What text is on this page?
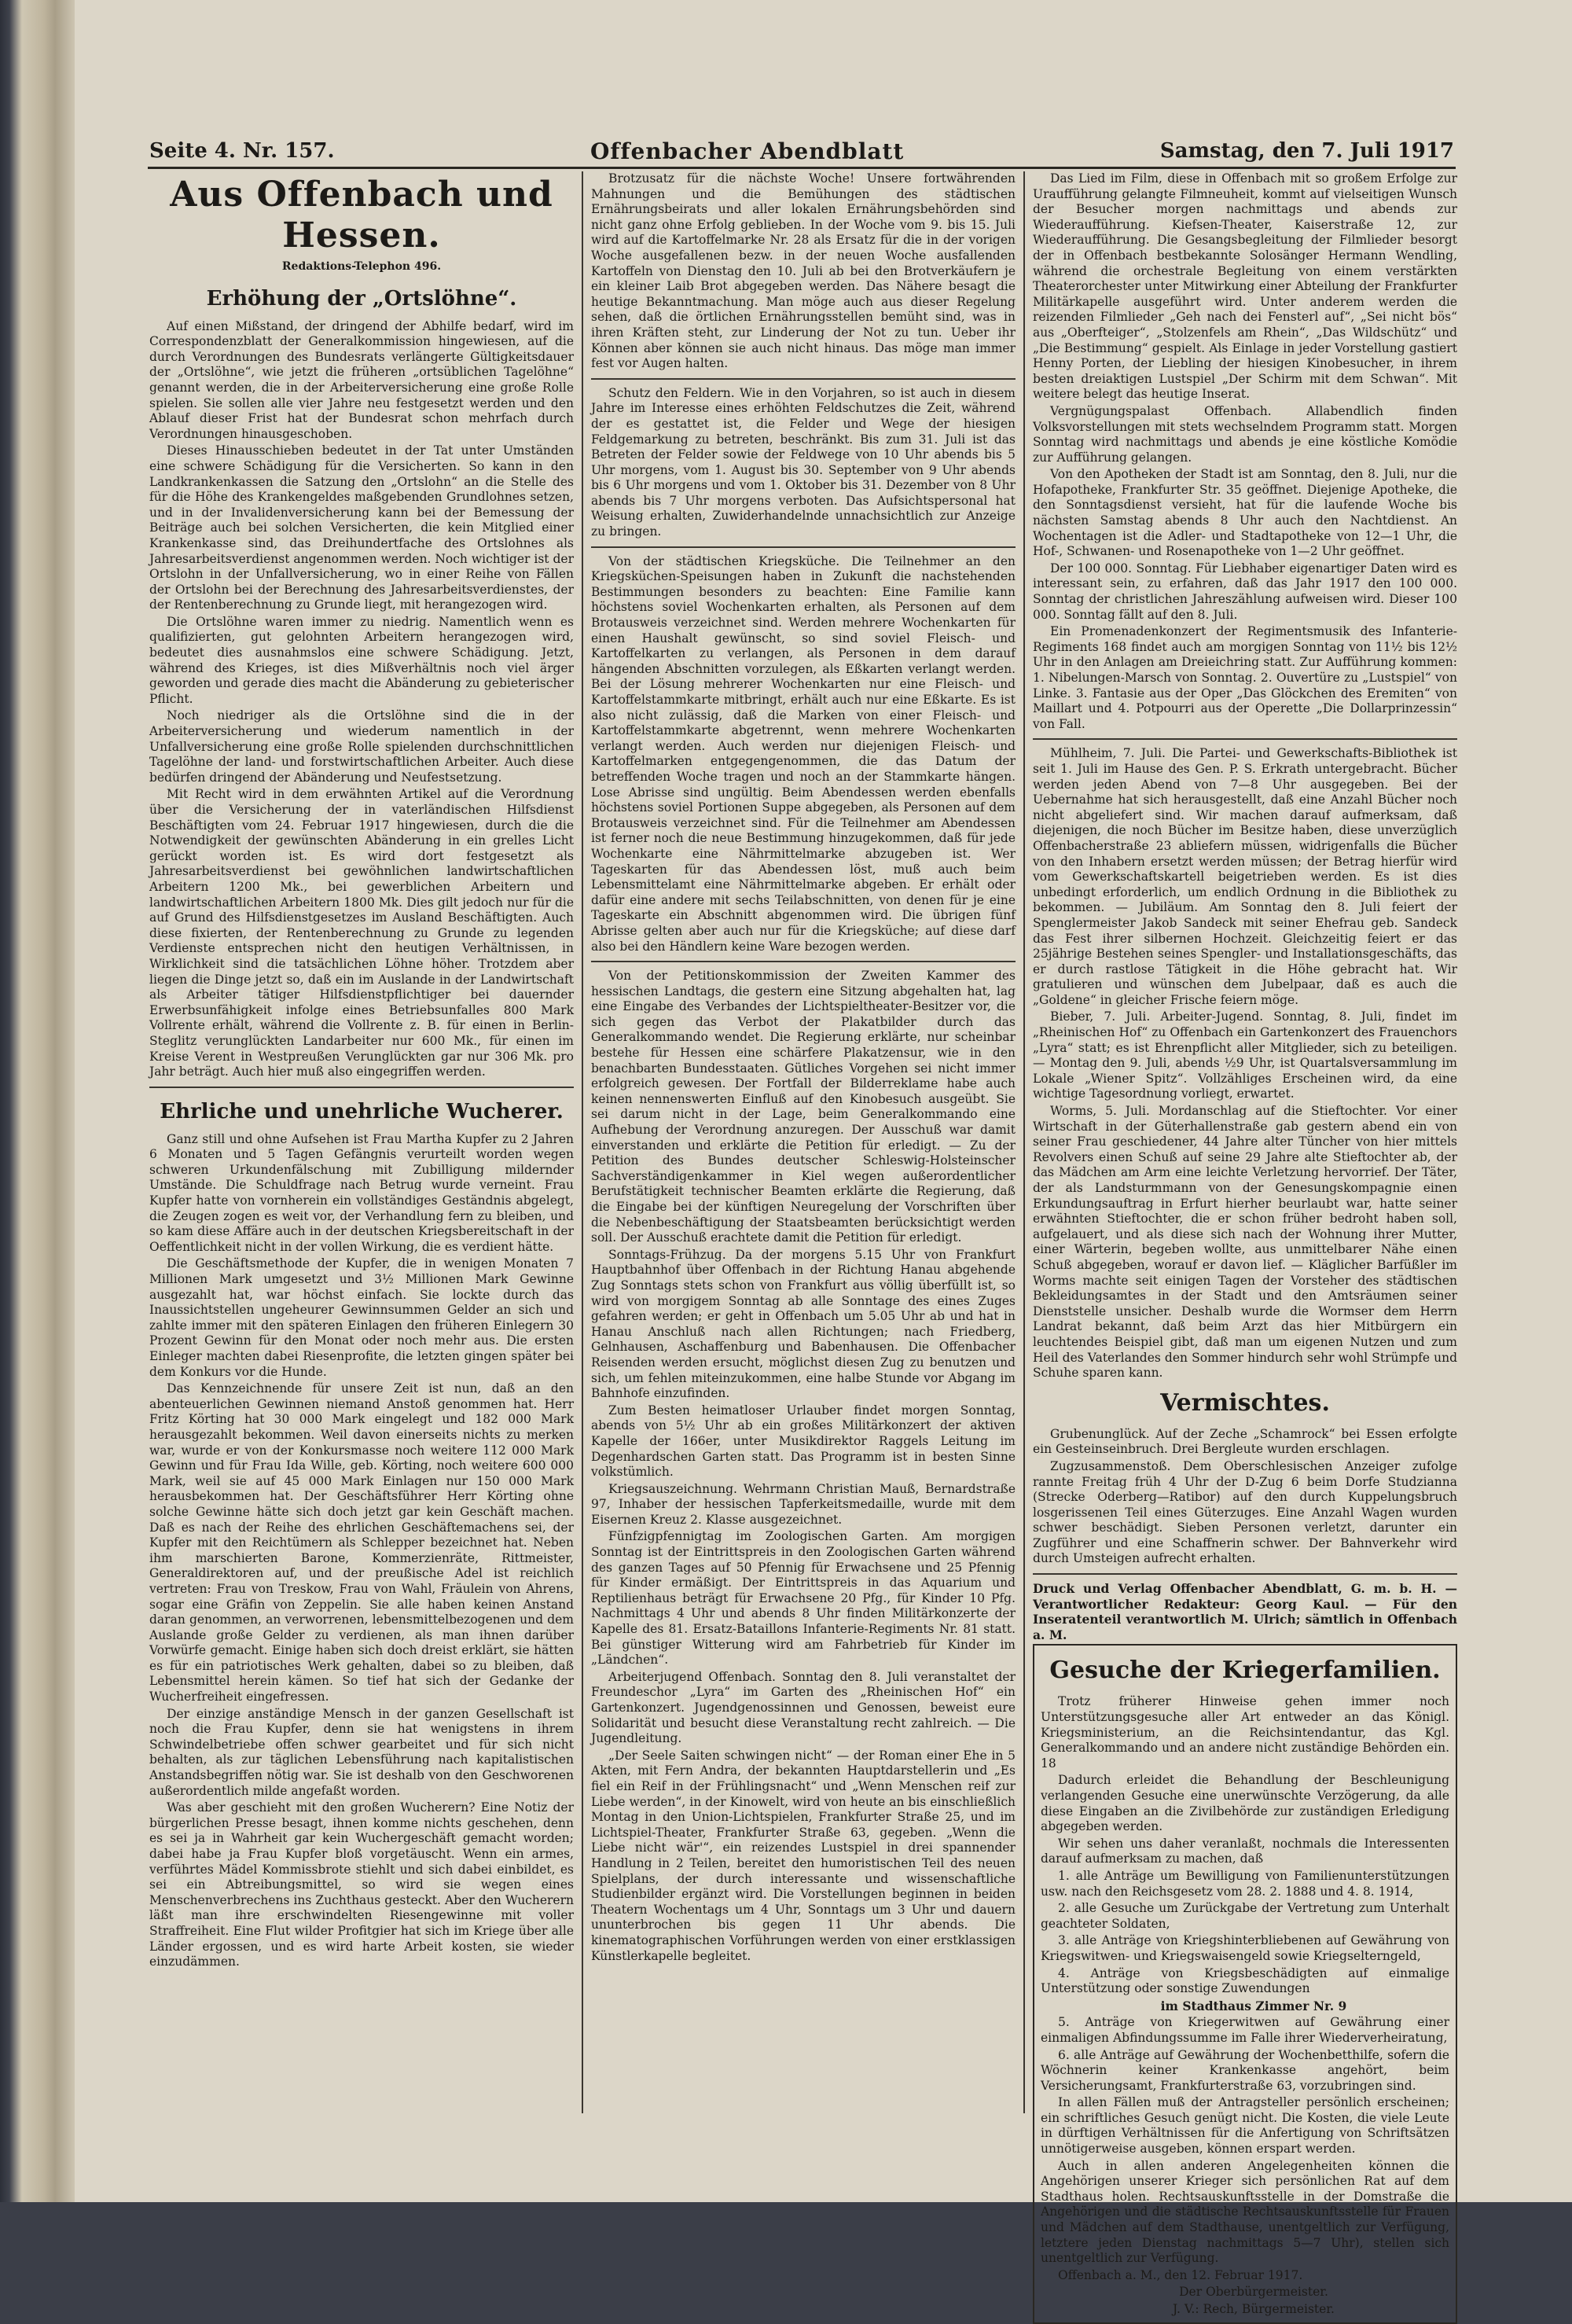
Seite 4. Nr. 157.	Offenbacher Abendblatt	Samstag, den 7. Juli 1917
Aus Offenbach und Hessen.
Redaktions-Telephon 496.
Erhöhung der „Ortslöhne“.

Auf einen Mißstand, der dringend der Abhilfe bedarf, wird im Correspondenzblatt der Generalkommission hingewiesen, auf die durch Verordnungen des Bundesrats verlängerte Gültigkeitsdauer der „Ortslöhne“, wie jetzt die früheren „ortsüblichen Tagelöhne“ genannt werden, die in der Arbeiterversicherung eine große Rolle spielen. Sie sollen alle vier Jahre neu festgesetzt werden und den Ablauf dieser Frist hat der Bundesrat schon mehrfach durch Verordnungen hinausgeschoben.

Dieses Hinausschieben bedeutet in der Tat unter Umständen eine schwere Schädigung für die Versicherten. So kann in den Landkrankenkassen die Satzung den „Ortslohn“ an die Stelle des für die Höhe des Krankengeldes maßgebenden Grundlohnes setzen, und in der Invalidenversicherung kann bei der Bemessung der Beiträge auch bei solchen Versicherten, die kein Mitglied einer Krankenkasse sind, das Dreihundertfache des Ortslohnes als Jahresarbeitsverdienst angenommen werden. Noch wichtiger ist der Ortslohn in der Unfallversicherung, wo in einer Reihe von Fällen der Ortslohn bei der Berechnung des Jahresarbeitsverdienstes, der der Rentenberechnung zu Grunde liegt, mit herangezogen wird.

Die Ortslöhne waren immer zu niedrig. Namentlich wenn es qualifizierten, gut gelohnten Arbeitern herangezogen wird, bedeutet dies ausnahmslos eine schwere Schädigung. Jetzt, während des Krieges, ist dies Mißverhältnis noch viel ärger geworden und gerade dies macht die Abänderung zu gebieterischer Pflicht.

Noch niedriger als die Ortslöhne sind die in der Arbeiterversicherung und wiederum namentlich in der Unfallversicherung eine große Rolle spielenden durchschnittlichen Tagelöhne der land- und forstwirtschaftlichen Arbeiter. Auch diese bedürfen dringend der Abänderung und Neufestsetzung.

Mit Recht wird in dem erwähnten Artikel auf die Verordnung über die Versicherung der in vaterländischen Hilfsdienst Beschäftigten vom 24. Februar 1917 hingewiesen, durch die die Notwendigkeit der gewünschten Abänderung in ein grelles Licht gerückt worden ist. Es wird dort festgesetzt als Jahresarbeitsverdienst bei gewöhnlichen landwirtschaftlichen Arbeitern 1200 Mk., bei gewerblichen Arbeitern und landwirtschaftlichen Arbeitern 1800 Mk. Dies gilt jedoch nur für die auf Grund des Hilfsdienstgesetzes im Ausland Beschäftigten. Auch diese fixierten, der Rentenberechnung zu Grunde zu legenden Verdienste entsprechen nicht den heutigen Verhältnissen, in Wirklichkeit sind die tatsächlichen Löhne höher. Trotzdem aber liegen die Dinge jetzt so, daß ein im Auslande in der Landwirtschaft als Arbeiter tätiger Hilfsdienstpflichtiger bei dauernder Erwerbsunfähigkeit infolge eines Betriebsunfalles 800 Mark Vollrente erhält, während die Vollrente z. B. für einen in Berlin-Steglitz verunglückten Landarbeiter nur 600 Mk., für einen im Kreise Verent in Westpreußen Verunglückten gar nur 306 Mk. pro Jahr beträgt. Auch hier muß also eingegriffen werden.

Ehrliche und unehrliche Wucherer.

Ganz still und ohne Aufsehen ist Frau Martha Kupfer zu 2 Jahren 6 Monaten und 5 Tagen Gefängnis verurteilt worden wegen schweren Urkundenfälschung mit Zubilligung mildernder Umstände. Die Schuldfrage nach Betrug wurde verneint. Frau Kupfer hatte von vornherein ein vollständiges Geständnis abgelegt, die Zeugen zogen es weit vor, der Verhandlung fern zu bleiben, und so kam diese Affäre auch in der deutschen Kriegsbereitschaft in der Oeffentlichkeit nicht in der vollen Wirkung, die es verdient hätte.

Die Geschäftsmethode der Kupfer, die in wenigen Monaten 7 Millionen Mark umgesetzt und 3½ Millionen Mark Gewinne ausgezahlt hat, war höchst einfach. Sie lockte durch das Inaussichtstellen ungeheurer Gewinnsummen Gelder an sich und zahlte immer mit den späteren Einlagen den früheren Einlegern 30 Prozent Gewinn für den Monat oder noch mehr aus. Die ersten Einleger machten dabei Riesenprofite, die letzten gingen später bei dem Konkurs vor die Hunde.

Das Kennzeichnende für unsere Zeit ist nun, daß an den abenteuerlichen Gewinnen niemand Anstoß genommen hat. Herr Fritz Körting hat 30 000 Mark eingelegt und 182 000 Mark herausgezahlt bekommen. Weil davon einerseits nichts zu merken war, wurde er von der Konkursmasse noch weitere 112 000 Mark Gewinn und für Frau Ida Wille, geb. Körting, noch weitere 600 000 Mark, weil sie auf 45 000 Mark Einlagen nur 150 000 Mark herausbekommen hat. Der Geschäftsführer Herr Körting ohne solche Gewinne hätte sich doch jetzt gar kein Geschäft machen. Daß es nach der Reihe des ehrlichen Geschäftemachens sei, der Kupfer mit den Reichtümern als Schlepper bezeichnet hat. Neben ihm marschierten Barone, Kommerzienräte, Rittmeister, Generaldirektoren auf, und der preußische Adel ist reichlich vertreten: Frau von Treskow, Frau von Wahl, Fräulein von Ahrens, sogar eine Gräfin von Zeppelin. Sie alle haben keinen Anstand daran genommen, an verworrenen, lebensmittelbezogenen und dem Auslande große Gelder zu verdienen, als man ihnen darüber Vorwürfe gemacht. Einige haben sich doch dreist erklärt, sie hätten es für ein patriotisches Werk gehalten, dabei so zu bleiben, daß Lebensmittel herein kämen. So tief hat sich der Gedanke der Wucherfreiheit eingefressen.

Der einzige anständige Mensch in der ganzen Gesellschaft ist noch die Frau Kupfer, denn sie hat wenigstens in ihrem Schwindelbetriebe offen schwer gearbeitet und für sich nicht behalten, als zur täglichen Lebensführung nach kapitalistischen Anstandsbegriffen nötig war. Sie ist deshalb von den Geschworenen außerordentlich milde angefaßt worden.

Was aber geschieht mit den großen Wucherern? Eine Notiz der bürgerlichen Presse besagt, ihnen komme nichts geschehen, denn es sei ja in Wahrheit gar kein Wuchergeschäft gemacht worden; dabei habe ja Frau Kupfer bloß vorgetäuscht. Wenn ein armes, verführtes Mädel Kommissbrote stiehlt und sich dabei einbildet, es sei ein Abtreibungsmittel, so wird sie wegen eines Menschenverbrechens ins Zuchthaus gesteckt. Aber den Wucherern läßt man ihre erschwindelten Riesengewinne mit voller Straffreiheit. Eine Flut wilder Profitgier hat sich im Kriege über alle Länder ergossen, und es wird harte Arbeit kosten, sie wieder einzudämmen.

Brotzusatz für die nächste Woche! Unsere fortwährenden Mahnungen und die Bemühungen des städtischen Ernährungsbeirats und aller lokalen Ernährungsbehörden sind nicht ganz ohne Erfolg geblieben. In der Woche vom 9. bis 15. Juli wird auf die Kartoffelmarke Nr. 28 als Ersatz für die in der vorigen Woche ausgefallenen bezw. in der neuen Woche ausfallenden Kartoffeln von Dienstag den 10. Juli ab bei den Brotverkäufern je ein kleiner Laib Brot abgegeben werden. Das Nähere besagt die heutige Bekanntmachung. Man möge auch aus dieser Regelung sehen, daß die örtlichen Ernährungsstellen bemüht sind, was in ihren Kräften steht, zur Linderung der Not zu tun. Ueber ihr Können aber können sie auch nicht hinaus. Das möge man immer fest vor Augen halten.

Schutz den Feldern. Wie in den Vorjahren, so ist auch in diesem Jahre im Interesse eines erhöhten Feldschutzes die Zeit, während der es gestattet ist, die Felder und Wege der hiesigen Feldgemarkung zu betreten, beschränkt. Bis zum 31. Juli ist das Betreten der Felder sowie der Feldwege von 10 Uhr abends bis 5 Uhr morgens, vom 1. August bis 30. September von 9 Uhr abends bis 6 Uhr morgens und vom 1. Oktober bis 31. Dezember von 8 Uhr abends bis 7 Uhr morgens verboten. Das Aufsichtspersonal hat Weisung erhalten, Zuwiderhandelnde unnachsichtlich zur Anzeige zu bringen.

Von der städtischen Kriegsküche. Die Teilnehmer an den Kriegsküchen-Speisungen haben in Zukunft die nachstehenden Bestimmungen besonders zu beachten: Eine Familie kann höchstens soviel Wochenkarten erhalten, als Personen auf dem Brotausweis verzeichnet sind. Werden mehrere Wochenkarten für einen Haushalt gewünscht, so sind soviel Fleisch- und Kartoffelkarten zu verlangen, als Personen in dem darauf hängenden Abschnitten vorzulegen, als Eßkarten verlangt werden. Bei der Lösung mehrerer Wochenkarten nur eine Fleisch- und Kartoffelstammkarte mitbringt, erhält auch nur eine Eßkarte. Es ist also nicht zulässig, daß die Marken von einer Fleisch- und Kartoffelstammkarte abgetrennt, wenn mehrere Wochenkarten verlangt werden. Auch werden nur diejenigen Fleisch- und Kartoffelmarken entgegengenommen, die das Datum der betreffenden Woche tragen und noch an der Stammkarte hängen. Lose Abrisse sind ungültig. Beim Abendessen werden ebenfalls höchstens soviel Portionen Suppe abgegeben, als Personen auf dem Brotausweis verzeichnet sind. Für die Teilnehmer am Abendessen ist ferner noch die neue Bestimmung hinzugekommen, daß für jede Wochenkarte eine Nährmittelmarke abzugeben ist. Wer Tageskarten für das Abendessen löst, muß auch beim Lebensmittelamt eine Nährmittelmarke abgeben. Er erhält oder dafür eine andere mit sechs Teilabschnitten, von denen für je eine Tageskarte ein Abschnitt abgenommen wird. Die übrigen fünf Abrisse gelten aber auch nur für die Kriegsküche; auf diese darf also bei den Händlern keine Ware bezogen werden.

Von der Petitionskommission der Zweiten Kammer des hessischen Landtags, die gestern eine Sitzung abgehalten hat, lag eine Eingabe des Verbandes der Lichtspieltheater-Besitzer vor, die sich gegen das Verbot der Plakatbilder durch das Generalkommando wendet. Die Regierung erklärte, nur scheinbar bestehe für Hessen eine schärfere Plakatzensur, wie in den benachbarten Bundesstaaten. Gütliches Vorgehen sei nicht immer erfolgreich gewesen. Der Fortfall der Bilderreklame habe auch keinen nennenswerten Einfluß auf den Kinobesuch ausgeübt. Sie sei darum nicht in der Lage, beim Generalkommando eine Aufhebung der Verordnung anzuregen. Der Ausschuß war damit einverstanden und erklärte die Petition für erledigt. — Zu der Petition des Bundes deutscher Schleswig-Holsteinscher Sachverständigenkammer in Kiel wegen außerordentlicher Berufstätigkeit technischer Beamten erklärte die Regierung, daß die Eingabe bei der künftigen Neuregelung der Vorschriften über die Nebenbeschäftigung der Staatsbeamten berücksichtigt werden soll. Der Ausschuß erachtete damit die Petition für erledigt.

Sonntags-Frühzug. Da der morgens 5.15 Uhr von Frankfurt Hauptbahnhof über Offenbach in der Richtung Hanau abgehende Zug Sonntags stets schon von Frankfurt aus völlig überfüllt ist, so wird von morgigem Sonntag ab alle Sonntage des eines Zuges gefahren werden; er geht in Offenbach um 5.05 Uhr ab und hat in Hanau Anschluß nach allen Richtungen; nach Friedberg, Gelnhausen, Aschaffenburg und Babenhausen. Die Offenbacher Reisenden werden ersucht, möglichst diesen Zug zu benutzen und sich, um fehlen miteinzukommen, eine halbe Stunde vor Abgang im Bahnhofe einzufinden.

Zum Besten heimatloser Urlauber findet morgen Sonntag, abends von 5½ Uhr ab ein großes Militärkonzert der aktiven Kapelle der 166er, unter Musikdirektor Raggels Leitung im Degenhardschen Garten statt. Das Programm ist in besten Sinne volkstümlich.

Kriegsauszeichnung. Wehrmann Christian Mauß, Bernardstraße 97, Inhaber der hessischen Tapferkeitsmedaille, wurde mit dem Eisernen Kreuz 2. Klasse ausgezeichnet.

Fünfzigpfennigtag im Zoologischen Garten. Am morgigen Sonntag ist der Eintrittspreis in den Zoologischen Garten während des ganzen Tages auf 50 Pfennig für Erwachsene und 25 Pfennig für Kinder ermäßigt. Der Eintrittspreis in das Aquarium und Reptilienhaus beträgt für Erwachsene 20 Pfg., für Kinder 10 Pfg. Nachmittags 4 Uhr und abends 8 Uhr finden Militärkonzerte der Kapelle des 81. Ersatz-Bataillons Infanterie-Regiments Nr. 81 statt. Bei günstiger Witterung wird am Fahrbetrieb für Kinder im „Ländchen“.

Arbeiterjugend Offenbach. Sonntag den 8. Juli veranstaltet der Freundeschor „Lyra“ im Garten des „Rheinischen Hof“ ein Gartenkonzert. Jugendgenossinnen und Genossen, beweist eure Solidarität und besucht diese Veranstaltung recht zahlreich. — Die Jugendleitung.

„Der Seele Saiten schwingen nicht“ — der Roman einer Ehe in 5 Akten, mit Fern Andra, der bekannten Hauptdarstellerin und „Es fiel ein Reif in der Frühlingsnacht“ und „Wenn Menschen reif zur Liebe werden“, in der Kinowelt, wird von heute an bis einschließlich Montag in den Union-Lichtspielen, Frankfurter Straße 25, und im Lichtspiel-Theater, Frankfurter Straße 63, gegeben. „Wenn die Liebe nicht wär'“, ein reizendes Lustspiel in drei spannender Handlung in 2 Teilen, bereitet den humoristischen Teil des neuen Spielplans, der durch interessante und wissenschaftliche Studienbilder ergänzt wird. Die Vorstellungen beginnen in beiden Theatern Wochentags um 4 Uhr, Sonntags um 3 Uhr und dauern ununterbrochen bis gegen 11 Uhr abends. Die kinematographischen Vorführungen werden von einer erstklassigen Künstlerkapelle begleitet.

Das Lied im Film, diese in Offenbach mit so großem Erfolge zur Uraufführung gelangte Filmneuheit, kommt auf vielseitigen Wunsch der Besucher morgen nachmittags und abends zur Wiederaufführung. Kiefsen-Theater, Kaiserstraße 12, zur Wiederaufführung. Die Gesangsbegleitung der Filmlieder besorgt der in Offenbach bestbekannte Solosänger Hermann Wendling, während die orchestrale Begleitung von einem verstärkten Theaterorchester unter Mitwirkung einer Abteilung der Frankfurter Militärkapelle ausgeführt wird. Unter anderem werden die reizenden Filmlieder „Geh nach dei Fensterl auf“, „Sei nicht bös“ aus „Oberfteiger“, „Stolzenfels am Rhein“, „Das Wildschütz“ und „Die Bestimmung“ gespielt. Als Einlage in jeder Vorstellung gastiert Henny Porten, der Liebling der hiesigen Kinobesucher, in ihrem besten dreiaktigen Lustspiel „Der Schirm mit dem Schwan“. Mit weitere belegt das heutige Inserat.

Vergnügungspalast Offenbach. Allabendlich finden Volksvorstellungen mit stets wechselndem Programm statt. Morgen Sonntag wird nachmittags und abends je eine köstliche Komödie zur Aufführung gelangen.

Von den Apotheken der Stadt ist am Sonntag, den 8. Juli, nur die Hofapotheke, Frankfurter Str. 35 geöffnet. Diejenige Apotheke, die den Sonntagsdienst versieht, hat für die laufende Woche bis nächsten Samstag abends 8 Uhr auch den Nachtdienst. An Wochentagen ist die Adler- und Stadtapotheke von 12—1 Uhr, die Hof-, Schwanen- und Rosenapotheke von 1—2 Uhr geöffnet.

Der 100 000. Sonntag. Für Liebhaber eigenartiger Daten wird es interessant sein, zu erfahren, daß das Jahr 1917 den 100 000. Sonntag der christlichen Jahreszählung aufweisen wird. Dieser 100 000. Sonntag fällt auf den 8. Juli.

Ein Promenadenkonzert der Regimentsmusik des Infanterie-Regiments 168 findet auch am morgigen Sonntag von 11½ bis 12½ Uhr in den Anlagen am Dreieichring statt. Zur Aufführung kommen: 1. Nibelungen-Marsch von Sonntag. 2. Ouvertüre zu „Lustspiel“ von Linke. 3. Fantasie aus der Oper „Das Glöckchen des Eremiten“ von Maillart und 4. Potpourri aus der Operette „Die Dollarprinzessin“ von Fall.

Mühlheim, 7. Juli. Die Partei- und Gewerkschafts-Bibliothek ist seit 1. Juli im Hause des Gen. P. S. Erkrath untergebracht. Bücher werden jeden Abend von 7—8 Uhr ausgegeben. Bei der Uebernahme hat sich herausgestellt, daß eine Anzahl Bücher noch nicht abgeliefert sind. Wir machen darauf aufmerksam, daß diejenigen, die noch Bücher im Besitze haben, diese unverzüglich Offenbacherstraße 23 abliefern müssen, widrigenfalls die Bücher von den Inhabern ersetzt werden müssen; der Betrag hierfür wird vom Gewerkschaftskartell beigetrieben werden. Es ist dies unbedingt erforderlich, um endlich Ordnung in die Bibliothek zu bekommen. — Jubiläum. Am Sonntag den 8. Juli feiert der Spenglermeister Jakob Sandeck mit seiner Ehefrau geb. Sandeck das Fest ihrer silbernen Hochzeit. Gleichzeitig feiert er das 25jährige Bestehen seines Spengler- und Installationsgeschäfts, das er durch rastlose Tätigkeit in die Höhe gebracht hat. Wir gratulieren und wünschen dem Jubelpaar, daß es auch die „Goldene“ in gleicher Frische feiern möge.

Bieber, 7. Juli. Arbeiter-Jugend. Sonntag, 8. Juli, findet im „Rheinischen Hof“ zu Offenbach ein Gartenkonzert des Frauenchors „Lyra“ statt; es ist Ehrenpflicht aller Mitglieder, sich zu beteiligen. — Montag den 9. Juli, abends ½9 Uhr, ist Quartalsversammlung im Lokale „Wiener Spitz“. Vollzähliges Erscheinen wird, da eine wichtige Tagesordnung vorliegt, erwartet.

Worms, 5. Juli. Mordanschlag auf die Stieftochter. Vor einer Wirtschaft in der Güterhallenstraße gab gestern abend ein von seiner Frau geschiedener, 44 Jahre alter Tüncher von hier mittels Revolvers einen Schuß auf seine 29 Jahre alte Stieftochter ab, der das Mädchen am Arm eine leichte Verletzung hervorrief. Der Täter, der als Landsturmmann von der Genesungskompagnie einen Erkundungsauftrag in Erfurt hierher beurlaubt war, hatte seiner erwähnten Stieftochter, die er schon früher bedroht haben soll, aufgelauert, und als diese sich nach der Wohnung ihrer Mutter, einer Wärterin, begeben wollte, aus unmittelbarer Nähe einen Schuß abgegeben, worauf er davon lief. — Kläglicher Barfüßler im Worms machte seit einigen Tagen der Vorsteher des städtischen Bekleidungsamtes in der Stadt und den Amtsräumen seiner Dienststelle unsicher. Deshalb wurde die Wormser dem Herrn Landrat bekannt, daß beim Arzt das hier Mitbürgern ein leuchtendes Beispiel gibt, daß man um eigenen Nutzen und zum Heil des Vaterlandes den Sommer hindurch sehr wohl Strümpfe und Schuhe sparen kann.

Vermischtes.

Grubenunglück. Auf der Zeche „Schamrock“ bei Essen erfolgte ein Gesteinseinbruch. Drei Bergleute wurden erschlagen.

Zugzusammenstoß. Dem Oberschlesischen Anzeiger zufolge rannte Freitag früh 4 Uhr der D-Zug 6 beim Dorfe Studzianna (Strecke Oderberg—Ratibor) auf den durch Kuppelungsbruch losgerissenen Teil eines Güterzuges. Eine Anzahl Wagen wurden schwer beschädigt. Sieben Personen verletzt, darunter ein Zugführer und eine Schaffnerin schwer. Der Bahnverkehr wird durch Umsteigen aufrecht erhalten.

Druck und Verlag Offenbacher Abendblatt, G. m. b. H. — Verantwortlicher Redakteur: Georg Kaul. — Für den Inseratenteil verantwortlich M. Ulrich; sämtlich in Offenbach a. M.

Gesuche der Kriegerfamilien.

Trotz früherer Hinweise gehen immer noch Unterstützungsgesuche aller Art entweder an das Königl. Kriegsministerium, an die Reichsintendantur, das Kgl. Generalkommando und an andere nicht zuständige Behörden ein. 18

Dadurch erleidet die Behandlung der Beschleunigung verlangenden Gesuche eine unerwünschte Verzögerung, da alle diese Eingaben an die Zivilbehörde zur zuständigen Erledigung abgegeben werden.

Wir sehen uns daher veranlaßt, nochmals die Interessenten darauf aufmerksam zu machen, daß

1. alle Anträge um Bewilligung von Familienunterstützungen usw. nach den Reichsgesetz vom 28. 2. 1888 und 4. 8. 1914,

2. alle Gesuche um Zurückgabe der Vertretung zum Unterhalt geachteter Soldaten,

3. alle Anträge von Kriegshinterbliebenen auf Gewährung von Kriegswitwen- und Kriegswaisengeld sowie Kriegselterngeld,

4. Anträge von Kriegsbeschädigten auf einmalige Unterstützung oder sonstige Zuwendungen

im Stadthaus Zimmer Nr. 9

5. Anträge von Kriegerwitwen auf Gewährung einer einmaligen Abfindungssumme im Falle ihrer Wiederverheiratung,

6. alle Anträge auf Gewährung der Wochenbetthilfe, sofern die Wöchnerin keiner Krankenkasse angehört, beim Versicherungsamt, Frankfurterstraße 63, vorzubringen sind.

In allen Fällen muß der Antragsteller persönlich erscheinen; ein schriftliches Gesuch genügt nicht. Die Kosten, die viele Leute in dürftigen Verhältnissen für die Anfertigung von Schriftsätzen unnötigerweise ausgeben, können erspart werden.

Auch in allen anderen Angelegenheiten können die Angehörigen unserer Krieger sich persönlichen Rat auf dem Stadthaus holen. Rechtsauskunftsstelle in der Domstraße die Angehörigen und die städtische Rechtsauskunftsstelle für Frauen und Mädchen auf dem Stadthause, unentgeltlich zur Verfügung, letztere jeden Dienstag nachmittags 5—7 Uhr), stellen sich unentgeltlich zur Verfügung.

Offenbach a. M., den 12. Februar 1917.

Der Oberbürgermeister.

J. V.: Rech, Bürgermeister.
